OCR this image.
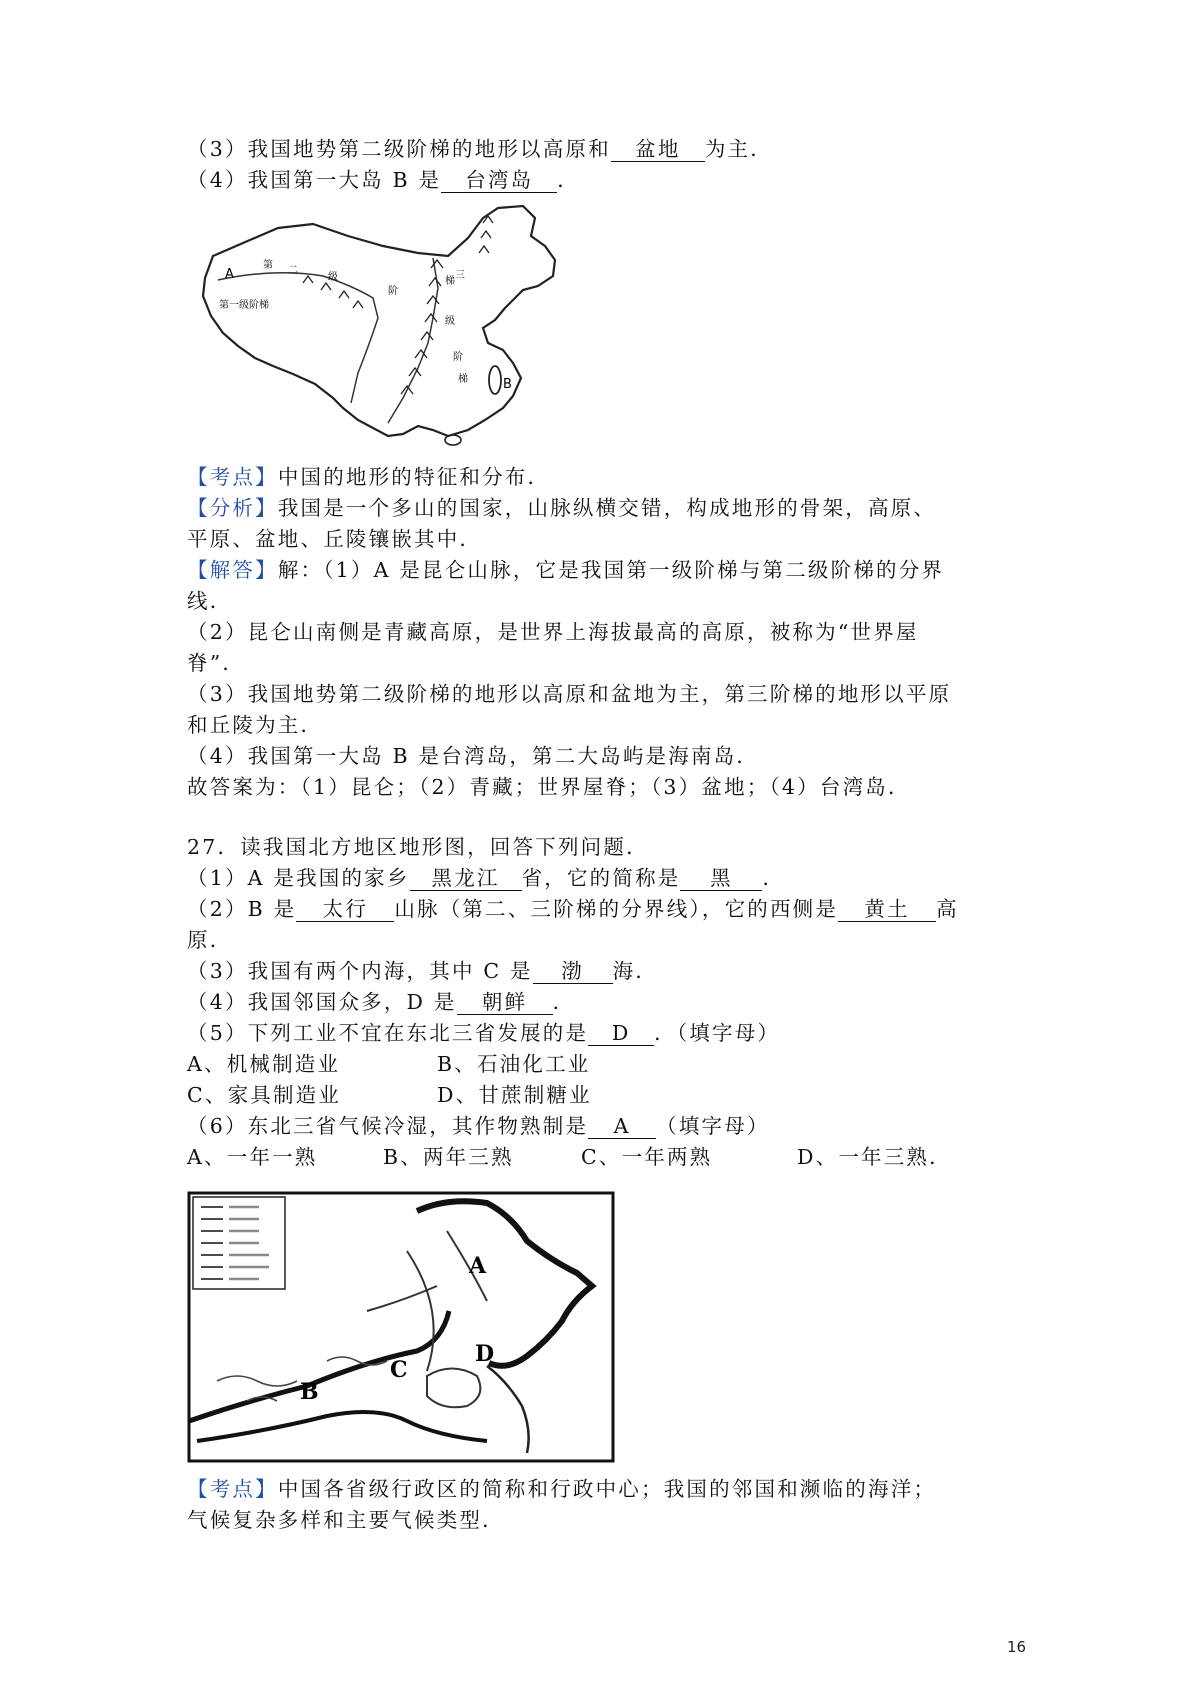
（3）我国地势第二级阶梯的地形以高原和 盆地 为主．
（4）我国第一大岛 B 是 台湾岛 ．
A
B
第一级阶梯
第 二
级
阶
梯
三
级
阶
梯
【考点】中国的地形的特征和分布．
【分析】我国是一个多山的国家，山脉纵横交错，构成地形的骨架，高原、
平原、盆地、丘陵镶嵌其中．
【解答】解：（1）A 是昆仑山脉，它是我国第一级阶梯与第二级阶梯的分界
线．
（2）昆仑山南侧是青藏高原，是世界上海拔最高的高原，被称为“世界屋
脊”．
（3）我国地势第二级阶梯的地形以高原和盆地为主，第三阶梯的地形以平原
和丘陵为主．
（4）我国第一大岛 B 是台湾岛，第二大岛屿是海南岛．
故答案为：（1）昆仑；（2）青藏；世界屋脊；（3）盆地；（4）台湾岛．
27．读我国北方地区地形图，回答下列问题．
（1）A 是我国的家乡 黑龙江 省，它的简称是 黑 ．
（2）B 是 太行 山脉（第二、三阶梯的分界线），它的西侧是 黄土 高
原．
（3）我国有两个内海，其中 C 是 渤 海．
（4）我国邻国众多，D 是 朝鲜 ．
（5）下列工业不宜在东北三省发展的是 D ．（填字母）
A、机械制造业	B、石油化工业
C、家具制造业	D、甘蔗制糖业
（6）东北三省气候冷湿，其作物熟制是 A （填字母）
A、一年一熟	B、两年三熟	C、一年两熟	D、一年三熟．
A
B
C
D
【考点】中国各省级行政区的简称和行政中心；我国的邻国和濒临的海洋；
气候复杂多样和主要气候类型．
16
